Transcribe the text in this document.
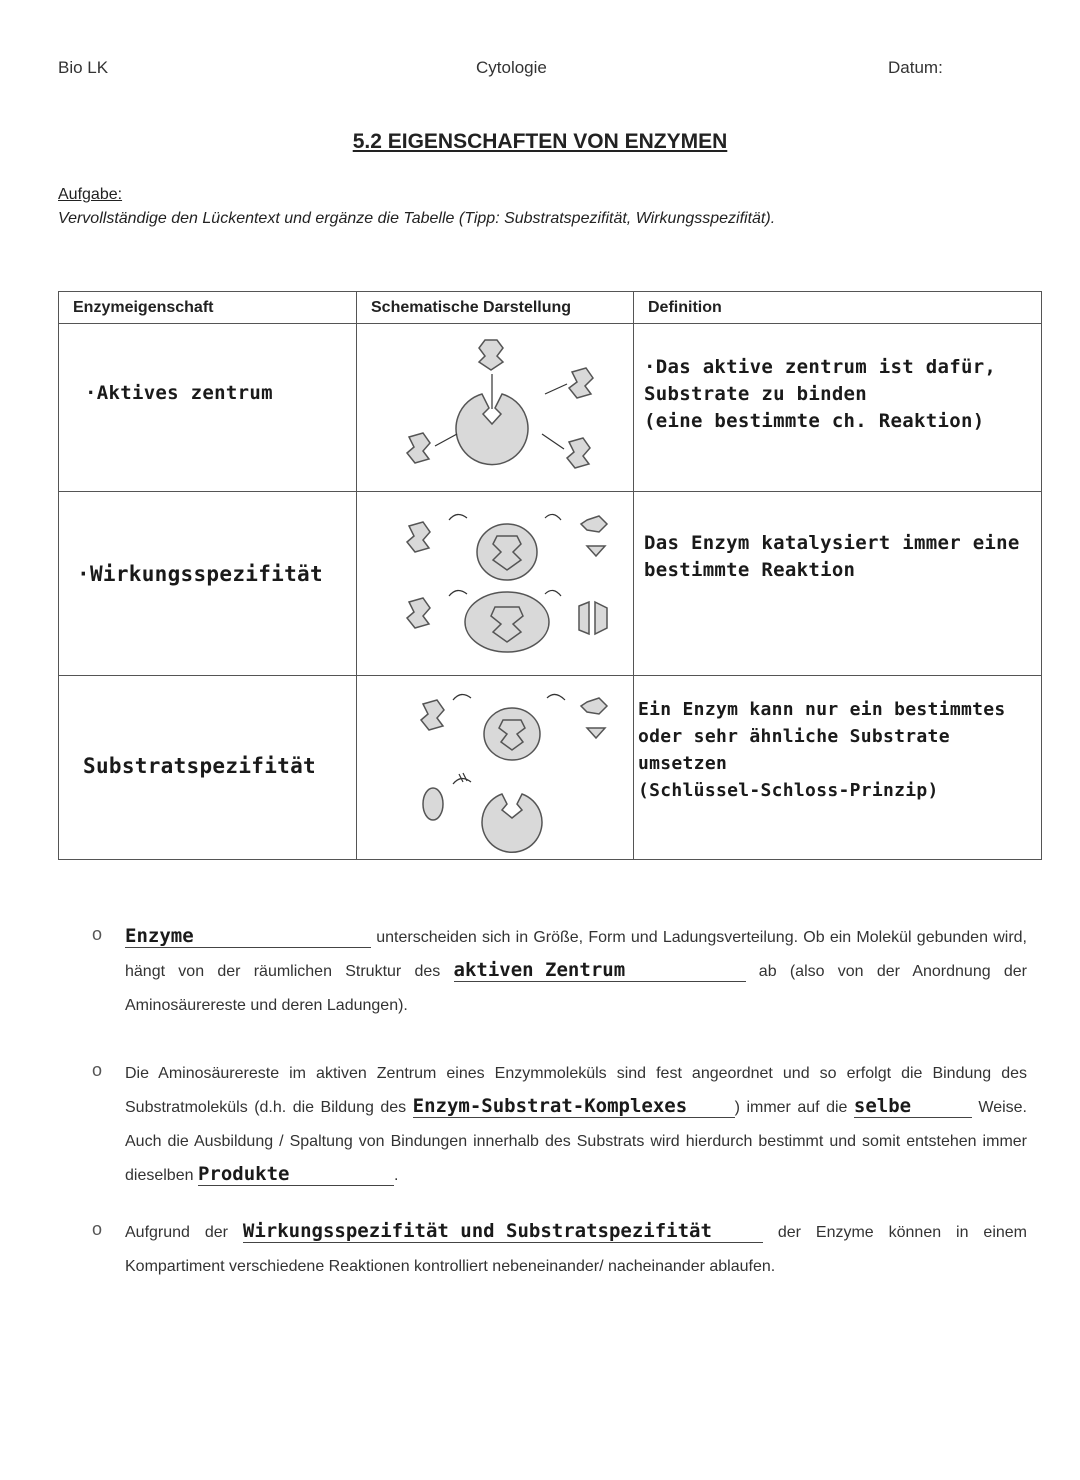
Bio LK	Cytologie	Datum:
5.2 EIGENSCHAFTEN VON ENZYMEN
Aufgabe:
Vervollständige den Lückentext und ergänze die Tabelle (Tipp: Substratspezifität, Wirkungsspezifität).
Enzymeigenschaft	Schematische Darstellung	Definition

·Aktives zentrum		·Das aktive zentrum ist dafür,
Substrate zu binden
(eine bestimmte ch. Reaktion)

·Wirkungsspezifität		Das Enzym katalysiert immer eine
bestimmte Reaktion

Substratspezifität		Ein Enzym kann nur ein bestimmtes
oder sehr ähnliche Substrate
umsetzen
(Schlüssel-Schloss-Prinzip)
o Enzyme	unterscheiden sich in Größe, Form und Ladungsverteilung. Ob ein Molekül gebunden wird, hängt von der räumlichen Struktur des aktiven Zentrum	ab (also von der Anordnung der Aminosäurereste und deren Ladungen).
o Die Aminosäurereste im aktiven Zentrum eines Enzymmoleküls sind fest angeordnet und so erfolgt die Bindung des Substratmoleküls (d.h. die Bildung des Enzym-Substrat-Komplexes	) immer auf die selbe	Weise. Auch die Ausbildung / Spaltung von Bindungen innerhalb des Substrats wird hierdurch bestimmt und somit entstehen immer dieselben Produkte	.
o Aufgrund der Wirkungsspezifität und Substratspezifität	der Enzyme können in einem Kompartiment verschiedene Reaktionen kontrolliert nebeneinander/ nacheinander ablaufen.
